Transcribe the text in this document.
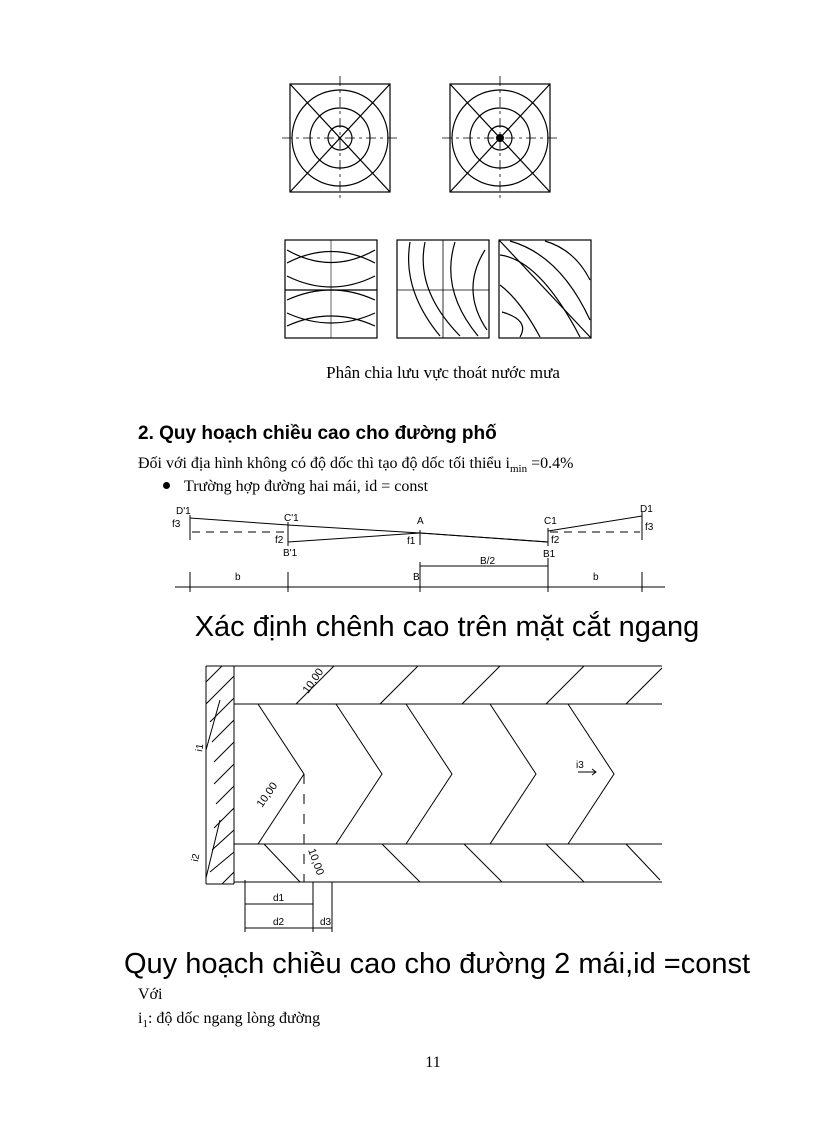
Phân chia lưu vực thoát nước mưa
2. Quy hoạch chiều cao cho đường phố
Đối với địa hình không có độ dốc thì tạo độ dốc tối thiểu $i_{min} =0.4\%$
Trường hợp đường hai mái, id = const
D'1
f3
C'1
f2
B'1
A
f1
C1
f2
B1
D1
f3
B/2
b	B	b
Xác định chênh cao trên mặt cắt ngang
10,00
10,00
10,00
i1
i2
i3
d1
d2	d3
Quy hoạch chiều cao cho đường 2 mái,id =const
Với
$i_1$: độ dốc ngang lòng đường
11
